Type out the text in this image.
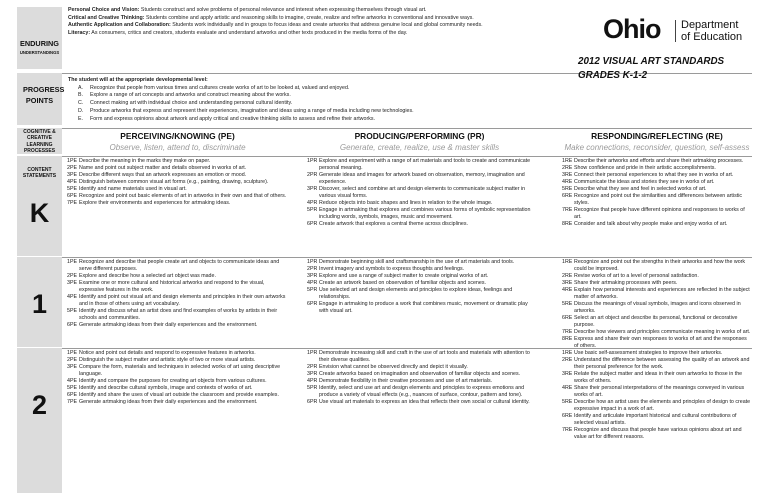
ENDURING
UNDERSTANDINGS
Personal Choice and Vision: Students construct and solve problems of personal relevance and interest when expressing themselves through visual art.
Critical and Creative Thinking: Students combine and apply artistic and reasoning skills to imagine, create, realize and refine artworks in conventional and innovative ways.
Authentic Application and Collaboration: Students work individually and in groups to focus ideas and create artworks that address genuine local and global community needs.
Literacy: As consumers, critics and creators, students evaluate and understand artworks and other texts produced in the media forms of the day.	Ohio Department
of Education
PROGRESS POINTS
The student will at the appropriate developmental level:
A.	Recognize that people from various times and cultures create works of art to be looked at, valued and enjoyed.
B.	Explore a range of art concepts and artworks and construct meaning about the works.
C.	Connect making art with individual choice and understanding personal cultural identity.
D.	Produce artworks that express and represent their experiences, imagination and ideas using a range of media including new technologies.
E.	Form and express opinions about artwork and apply critical and creative thinking skills to assess and refine their artworks.
2012 VISUAL ART STANDARDS
GRADES K-1-2
COGNITIVE & CREATIVE LEARNING PROCESSES
PERCEIVING/KNOWING (PE)
Observe, listen, attend to, discriminate
PRODUCING/PERFORMING (PR)
Generate, create, realize, use & master skills
RESPONDING/REFLECTING (RE)
Make connections, reconsider, question, self-assess
CONTENT STATEMENTS
K
1PE Describe the meaning in the marks they make on paper.
2PE Name and point out subject matter and details observed in works of art.
3PE Describe different ways that an artwork expresses an emotion or mood.
4PE Distinguish between common visual art forms (e.g., painting, drawing, sculpture).
5PE Identify and name materials used in visual art.
6PE Recognize and point out basic elements of art in artworks in their own and that of others.
7PE Explore their environments and experiences for artmaking ideas.
1PR Explore and experiment with a range of art materials and tools to create and communicate personal meaning.
2PR Generate ideas and images for artwork based on observation, memory, imagination and experience.
3PR Discover, select and combine art and design elements to communicate subject matter in various visual forms.
4PR Reduce objects into basic shapes and lines in relation to the whole image.
5PR Engage in artmaking that explores and combines various forms of symbolic representation including words, symbols, images, music and movement.
6PR Create artwork that explores a central theme across disciplines.
1RE Describe their artworks and efforts and share their artmaking processes.
2RE Show confidence and pride in their artistic accomplishments.
3RE Connect their personal experiences to what they see in works of art.
4RE Communicate the ideas and stories they see in works of art.
5RE Describe what they see and feel in selected works of art.
6RE Recognize and point out the similarities and differences between artistic styles.
7RE Recognize that people have different opinions and responses to works of art.
8RE Consider and talk about why people make and enjoy works of art.
1
1PE Recognize and describe that people create art and objects to communicate ideas and serve different purposes.
2PE Explore and describe how a selected art object was made.
3PE Examine one or more cultural and historical artworks and respond to the visual, expressive features in the work.
4PE Identify and point out visual art and design elements and principles in their own artworks and in those of others using art vocabulary.
5PE Identify and discuss what an artist does and find examples of works by artists in their schools and communities.
6PE Generate artmaking ideas from their daily experiences and the environment.
1PR Demonstrate beginning skill and craftsmanship in the use of art materials and tools.
2PR Invent imagery and symbols to express thoughts and feelings.
3PR Explore and use a range of subject matter to create original works of art.
4PR Create an artwork based on observation of familiar objects and scenes.
5PR Use selected art and design elements and principles to explore ideas, feelings and relationships.
6PR Engage in artmaking to produce a work that combines music, movement or dramatic play with visual art.
1RE Recognize and point out the strengths in their artworks and how the work could be improved.
2RE Revise works of art to a level of personal satisfaction.
3RE Share their artmaking processes with peers.
4RE Explain how personal interests and experiences are reflected in the subject matter of artworks.
5RE Discuss the meanings of visual symbols, images and icons observed in artworks.
6RE Select an art object and describe its personal, functional or decorative purpose.
7RE Describe how viewers and principles communicate meaning in works of art.
8RE Express and share their own responses to works of art and the responses of others.
2
1PE Notice and point out details and respond to expressive features in artworks.
2PE Distinguish the subject matter and artistic style of two or more visual artists.
3PE Compare the form, materials and techniques in selected works of art using descriptive language.
4PE Identify and compare the purposes for creating art objects from various cultures.
5PE Identify and describe cultural symbols, image and contexts of works of art.
6PE Identify and share the uses of visual art outside the classroom and provide examples.
7PE Generate artmaking ideas from their daily experiences and the environment.
1PR Demonstrate increasing skill and craft in the use of art tools and materials with attention to their diverse qualities.
2PR Envision what cannot be observed directly and depict it visually.
3PR Create artworks based on imagination and observation of familiar objects and scenes.
4PR Demonstrate flexibility in their creative processes and use of art materials.
5PR Identify, select and use art and design elements and principles to express emotions and produce a variety of visual effects (e.g., nuances of surface, contour, pattern and tone).
6PR Use visual art materials to express an idea that reflects their own social or cultural identity.
1RE Use basic self-assessment strategies to improve their artworks.
2RE Understand the difference between assessing the quality of an artwork and their personal preference for the work.
3RE Relate the subject matter and ideas in their own artworks to those in the works of others.
4RE Share their personal interpretations of the meanings conveyed in various works of art.
5RE Describe how an artist uses the elements and principles of design to create expressive impact in a work of art.
6RE Identify and articulate important historical and cultural contributions of selected visual artists.
7RE Recognize and discuss that people have various opinions about art and value art for different reasons.
